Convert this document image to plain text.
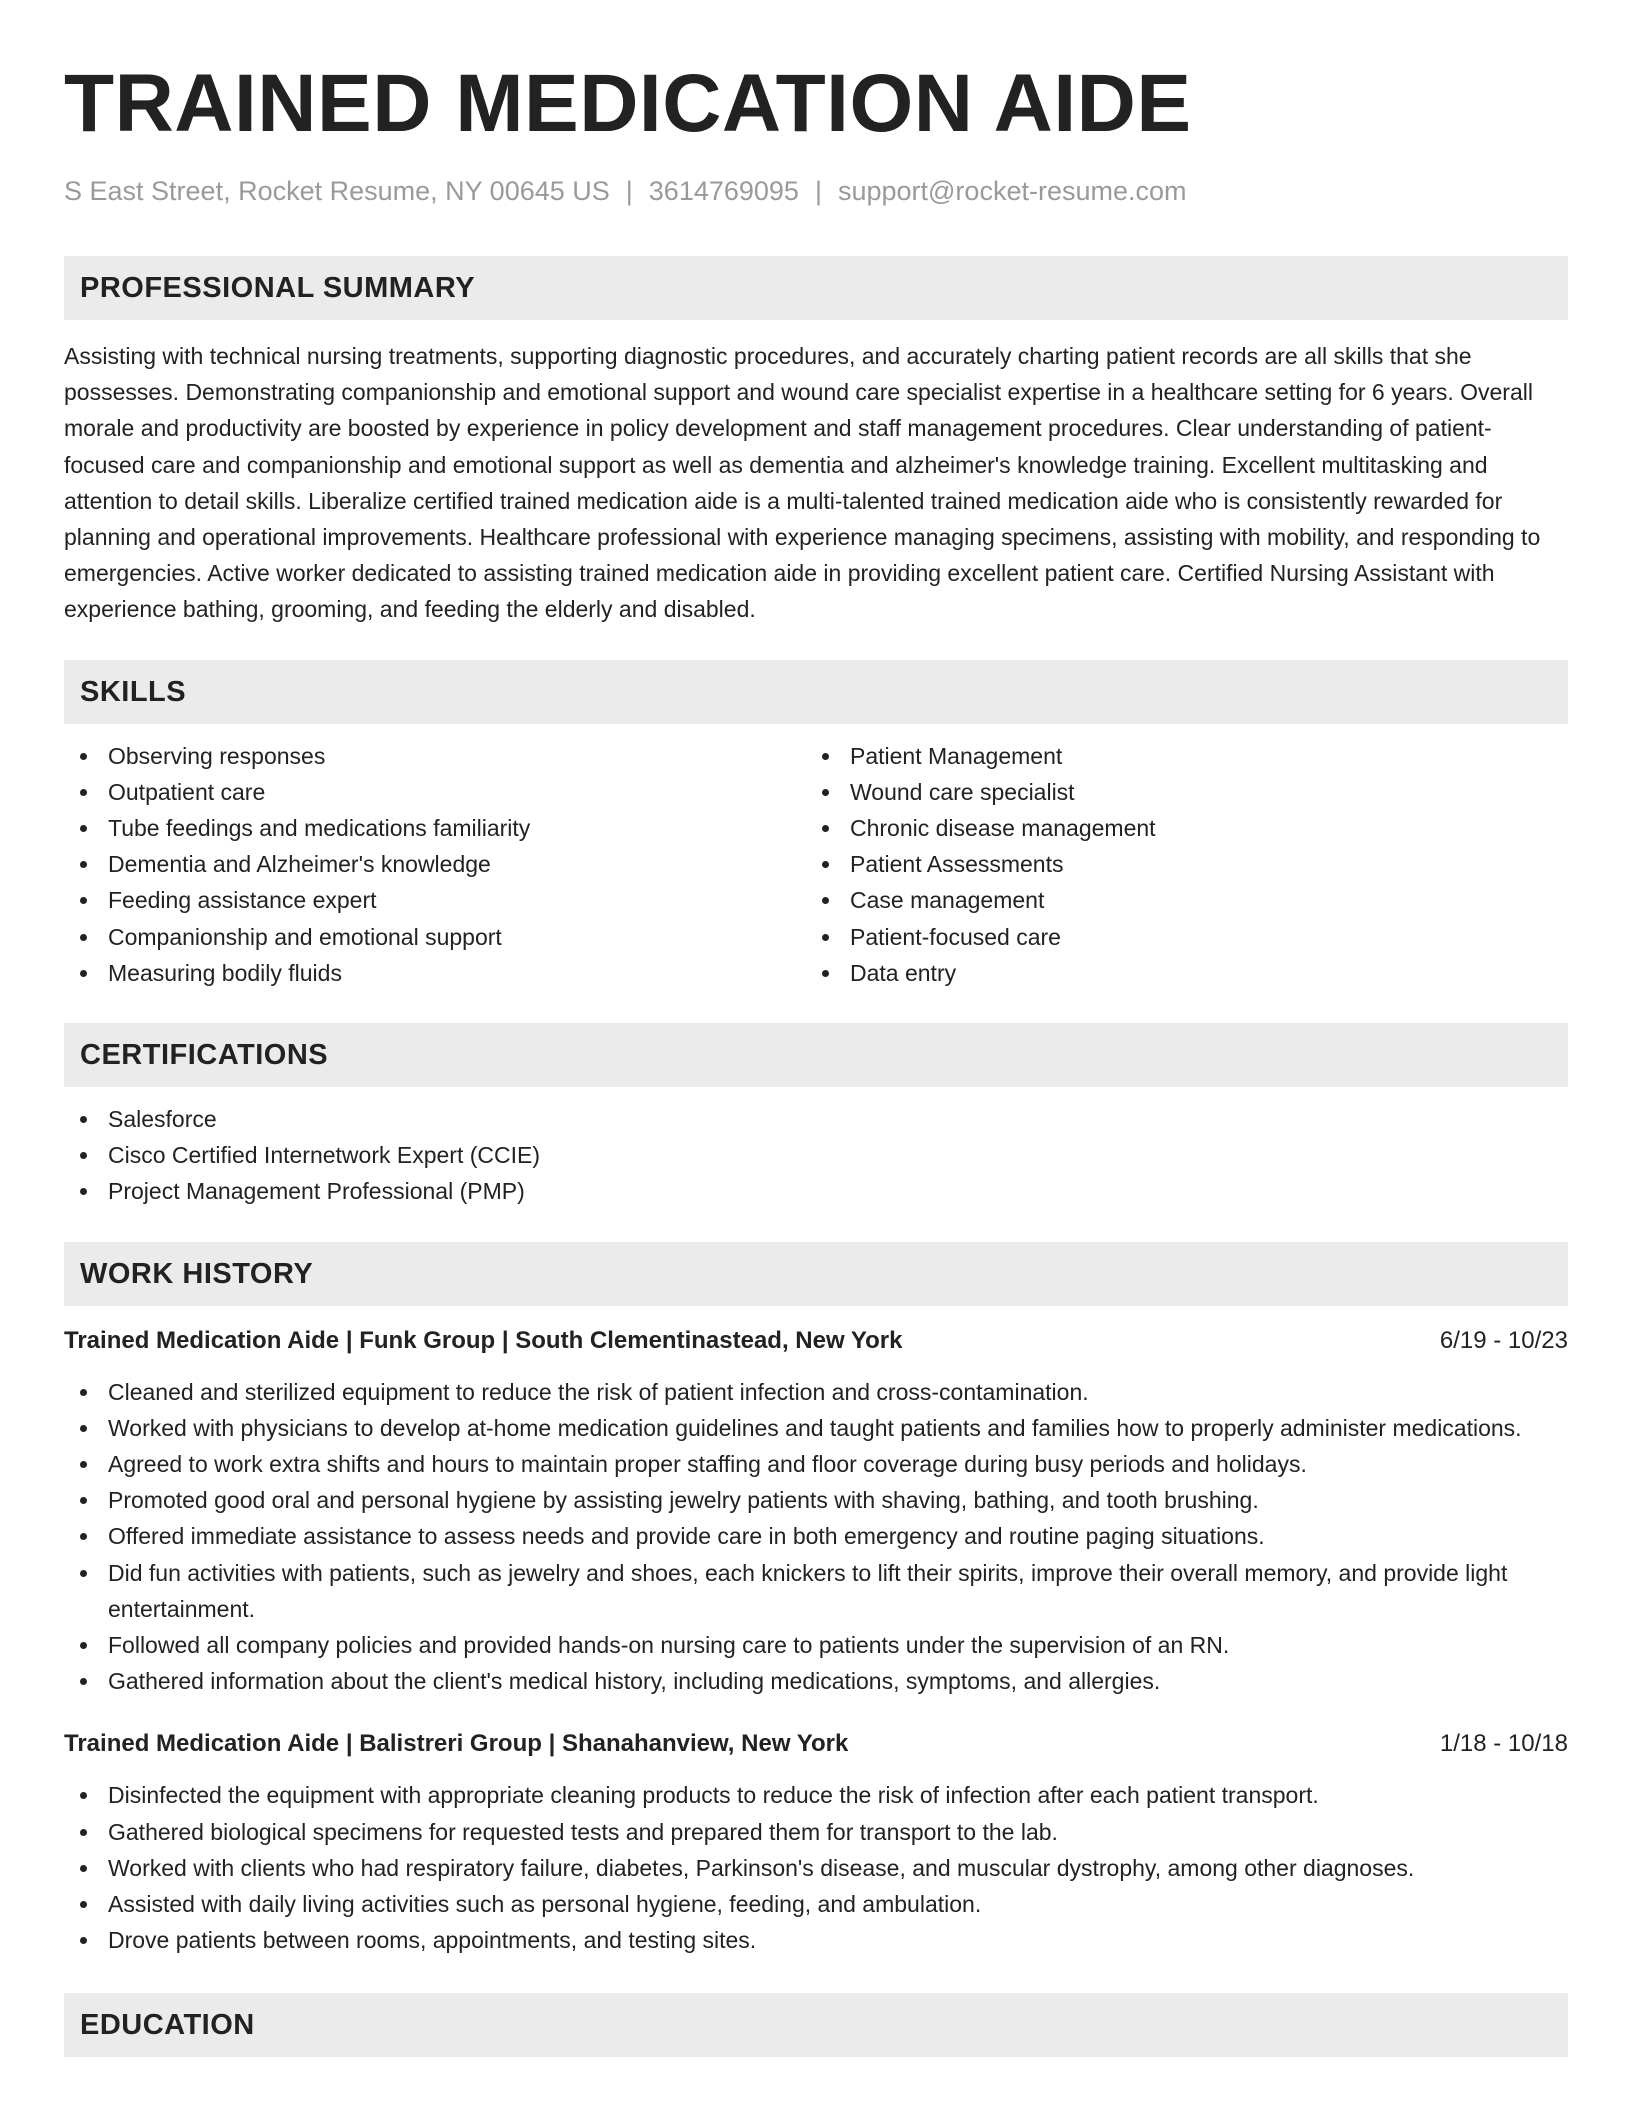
TRAINED MEDICATION AIDE
S East Street, Rocket Resume, NY 00645 US | 3614769095 | support@rocket-resume.com
PROFESSIONAL SUMMARY

Assisting with technical nursing treatments, supporting diagnostic procedures, and accurately charting patient records are all skills that she possesses. Demonstrating companionship and emotional support and wound care specialist expertise in a healthcare setting for 6 years. Overall morale and productivity are boosted by experience in policy development and staff management procedures. Clear understanding of patient-focused care and companionship and emotional support as well as dementia and alzheimer's knowledge training. Excellent multitasking and attention to detail skills. Liberalize certified trained medication aide is a multi-talented trained medication aide who is consistently rewarded for planning and operational improvements. Healthcare professional with experience managing specimens, assisting with mobility, and responding to emergencies. Active worker dedicated to assisting trained medication aide in providing excellent patient care. Certified Nursing Assistant with experience bathing, grooming, and feeding the elderly and disabled.

SKILLS
Observing responses
Outpatient care
Tube feedings and medications familiarity
Dementia and Alzheimer's knowledge
Feeding assistance expert
Companionship and emotional support
Measuring bodily fluids
Patient Management
Wound care specialist
Chronic disease management
Patient Assessments
Case management
Patient-focused care
Data entry
CERTIFICATIONS
Salesforce
Cisco Certified Internetwork Expert (CCIE)
Project Management Professional (PMP)
WORK HISTORY
Trained Medication Aide | Funk Group | South Clementinastead, New York	6/19 - 10/23
Cleaned and sterilized equipment to reduce the risk of patient infection and cross-contamination.
Worked with physicians to develop at-home medication guidelines and taught patients and families how to properly administer medications.
Agreed to work extra shifts and hours to maintain proper staffing and floor coverage during busy periods and holidays.
Promoted good oral and personal hygiene by assisting jewelry patients with shaving, bathing, and tooth brushing.
Offered immediate assistance to assess needs and provide care in both emergency and routine paging situations.
Did fun activities with patients, such as jewelry and shoes, each knickers to lift their spirits, improve their overall memory, and provide light entertainment.
Followed all company policies and provided hands-on nursing care to patients under the supervision of an RN.
Gathered information about the client's medical history, including medications, symptoms, and allergies.
Trained Medication Aide | Balistreri Group | Shanahanview, New York	1/18 - 10/18
Disinfected the equipment with appropriate cleaning products to reduce the risk of infection after each patient transport.
Gathered biological specimens for requested tests and prepared them for transport to the lab.
Worked with clients who had respiratory failure, diabetes, Parkinson's disease, and muscular dystrophy, among other diagnoses.
Assisted with daily living activities such as personal hygiene, feeding, and ambulation.
Drove patients between rooms, appointments, and testing sites.
EDUCATION
